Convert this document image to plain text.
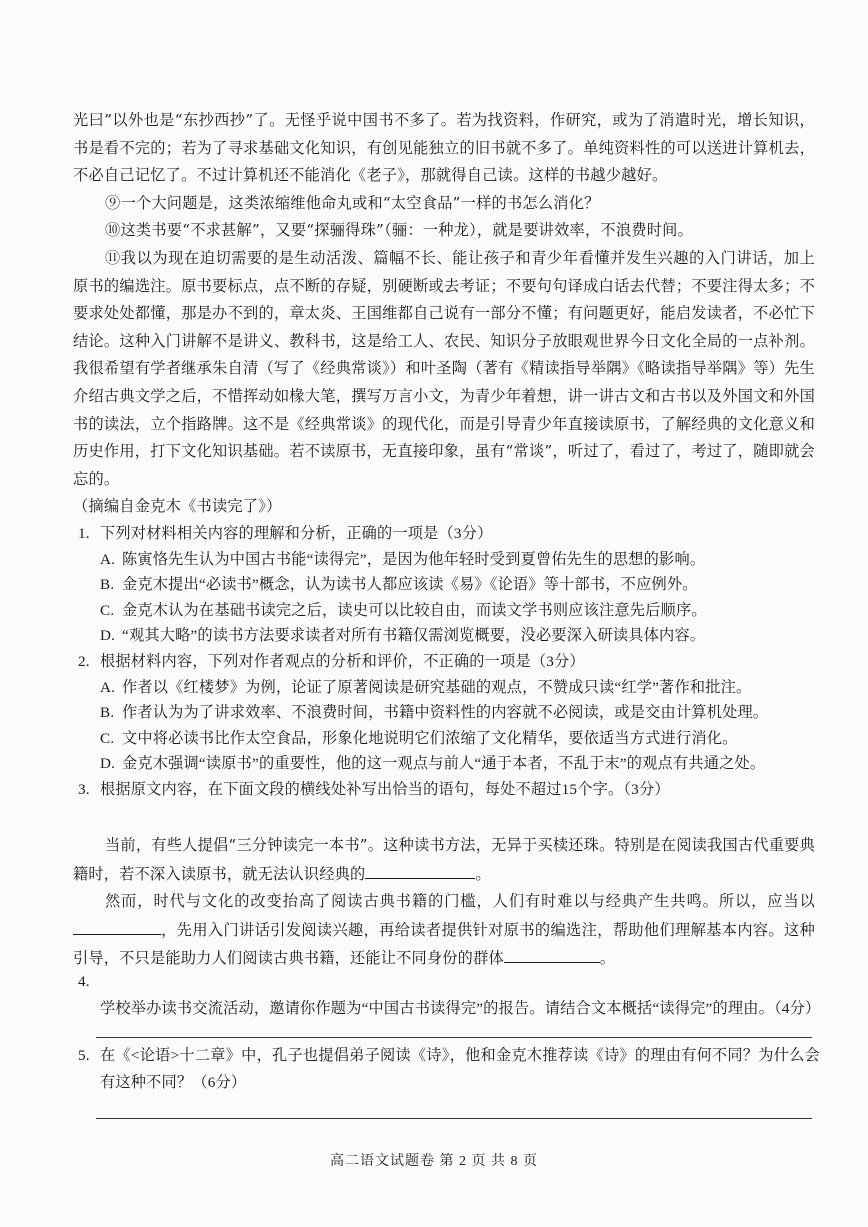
光曰”以外也是“东抄西抄”了。无怪乎说中国书不多了。若为找资料，作研究，或为了消遣时光，增长知识，书是看不完的；若为了寻求基础文化知识，有创见能独立的旧书就不多了。单纯资料性的可以送进计算机去，不必自己记忆了。不过计算机还不能消化《老子》，那就得自己读。这样的书越少越好。

⑨一个大问题是，这类浓缩维他命丸或和“太空食品”一样的书怎么消化？

⑩这类书要“不求甚解”，又要“探骊得珠”（骊：一种龙），就是要讲效率，不浪费时间。

⑪我以为现在迫切需要的是生动活泼、篇幅不长、能让孩子和青少年看懂并发生兴趣的入门讲话，加上原书的编选注。原书要标点，点不断的存疑，别硬断或去考证；不要句句译成白话去代替；不要注得太多；不要求处处都懂，那是办不到的，章太炎、王国维都自己说有一部分不懂；有问题更好，能启发读者，不必忙下结论。这种入门讲解不是讲义、教科书，这是给工人、农民、知识分子放眼观世界今日文化全局的一点补剂。我很希望有学者继承朱自清（写了《经典常谈》）和叶圣陶（著有《精读指导举隅》《略读指导举隅》等）先生介绍古典文学之后，不惜挥动如椽大笔，撰写万言小文，为青少年着想，讲一讲古文和古书以及外国文和外国书的读法，立个指路牌。这不是《经典常谈》的现代化，而是引导青少年直接读原书，了解经典的文化意义和历史作用，打下文化知识基础。若不读原书，无直接印象，虽有“常谈”，听过了，看过了，考过了，随即就会忘的。

（摘编自金克木《书读完了》）

1. 下列对材料相关内容的理解和分析，正确的一项是（3分）

A. 陈寅恪先生认为中国古书能“读得完”，是因为他年轻时受到夏曾佑先生的思想的影响。

B. 金克木提出“必读书”概念，认为读书人都应该读《易》《论语》等十部书，不应例外。

C. 金克木认为在基础书读完之后，读史可以比较自由，而读文学书则应该注意先后顺序。

D. “观其大略”的读书方法要求读者对所有书籍仅需浏览概要，没必要深入研读具体内容。

2. 根据材料内容，下列对作者观点的分析和评价，不正确的一项是（3分）

A. 作者以《红楼梦》为例，论证了原著阅读是研究基础的观点，不赞成只读“红学”著作和批注。

B. 作者认为为了讲求效率、不浪费时间，书籍中资料性的内容就不必阅读，或是交由计算机处理。

C. 文中将必读书比作太空食品，形象化地说明它们浓缩了文化精华，要依适当方式进行消化。

D. 金克木强调“读原书”的重要性，他的这一观点与前人“通于本者，不乱于末”的观点有共通之处。

3. 根据原文内容，在下面文段的横线处补写出恰当的语句，每处不超过15个字。（3分）

当前，有些人提倡“三分钟读完一本书”。这种读书方法，无异于买椟还珠。特别是在阅读我国古代重要典籍时，若不深入读原书，就无法认识经典的	。

然而，时代与文化的改变抬高了阅读古典书籍的门槛，人们有时难以与经典产生共鸣。所以，应当以，先用入门讲话引发阅读兴趣，再给读者提供针对原书的编选注，帮助他们理解基本内容。这种引导，不只是能助力人们阅读古典书籍，还能让不同身份的群体	。

4.学校举办读书交流活动，邀请你作题为“中国古书读得完”的报告。请结合文本概括“读得完”的理由。（4分）

5. 在《<论语>十二章》中，孔子也提倡弟子阅读《诗》，他和金克木推荐读《诗》的理由有何不同？为什么会有这种不同？（6分）

高二语文试题卷 第 2 页 共 8 页
